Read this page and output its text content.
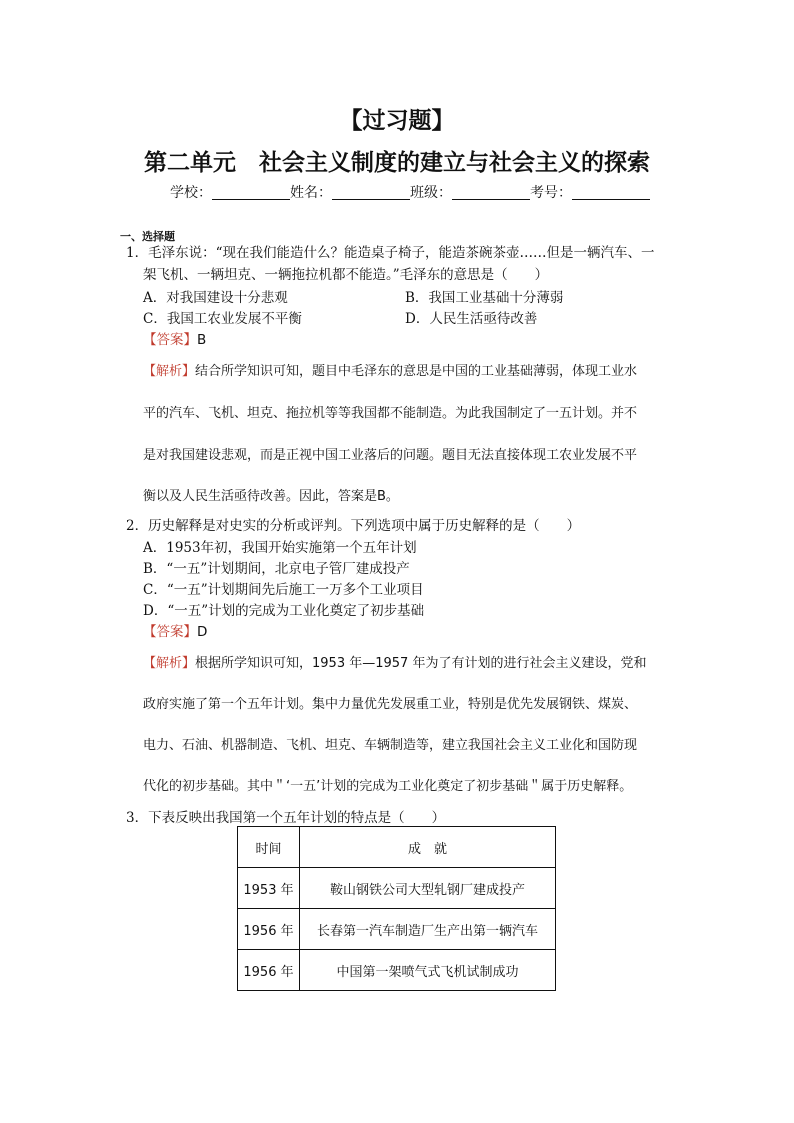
【过习题】
第二单元　社会主义制度的建立与社会主义的探索
学校：	姓名：	班级：	考号：
一、选择题
1．毛泽东说：“现在我们能造什么？能造桌子椅子，能造茶碗茶壶……但是一辆汽车、一
架飞机、一辆坦克、一辆拖拉机都不能造。”毛泽东的意思是（　　）
A．对我国建设十分悲观	B．我国工业基础十分薄弱
C．我国工农业发展不平衡	D．人民生活亟待改善
【答案】B
【解析】结合所学知识可知，题目中毛泽东的意思是中国的工业基础薄弱，体现工业水
平的汽车、飞机、坦克、拖拉机等等我国都不能制造。为此我国制定了一五计划。并不
是对我国建设悲观，而是正视中国工业落后的问题。题目无法直接体现工农业发展不平
衡以及人民生活亟待改善。因此，答案是B。
2．历史解释是对史实的分析或评判。下列选项中属于历史解释的是（　　）
A．1953年初，我国开始实施第一个五年计划
B．“一五”计划期间，北京电子管厂建成投产
C．“一五”计划期间先后施工一万多个工业项目
D．“一五”计划的完成为工业化奠定了初步基础
【答案】D
【解析】根据所学知识可知，1953 年—1957 年为了有计划的进行社会主义建设，党和
政府实施了第一个五年计划。集中力量优先发展重工业，特别是优先发展钢铁、煤炭、
电力、石油、机器制造、飞机、坦克、车辆制造等，建立我国社会主义工业化和国防现
代化的初步基础。其中＂‘一五’计划的完成为工业化奠定了初步基础＂属于历史解释。
3．下表反映出我国第一个五年计划的特点是（　　）
时间	成　就
1953 年	鞍山钢铁公司大型轧钢厂建成投产
1956 年	长春第一汽车制造厂生产出第一辆汽车
1956 年	中国第一架喷气式飞机试制成功
